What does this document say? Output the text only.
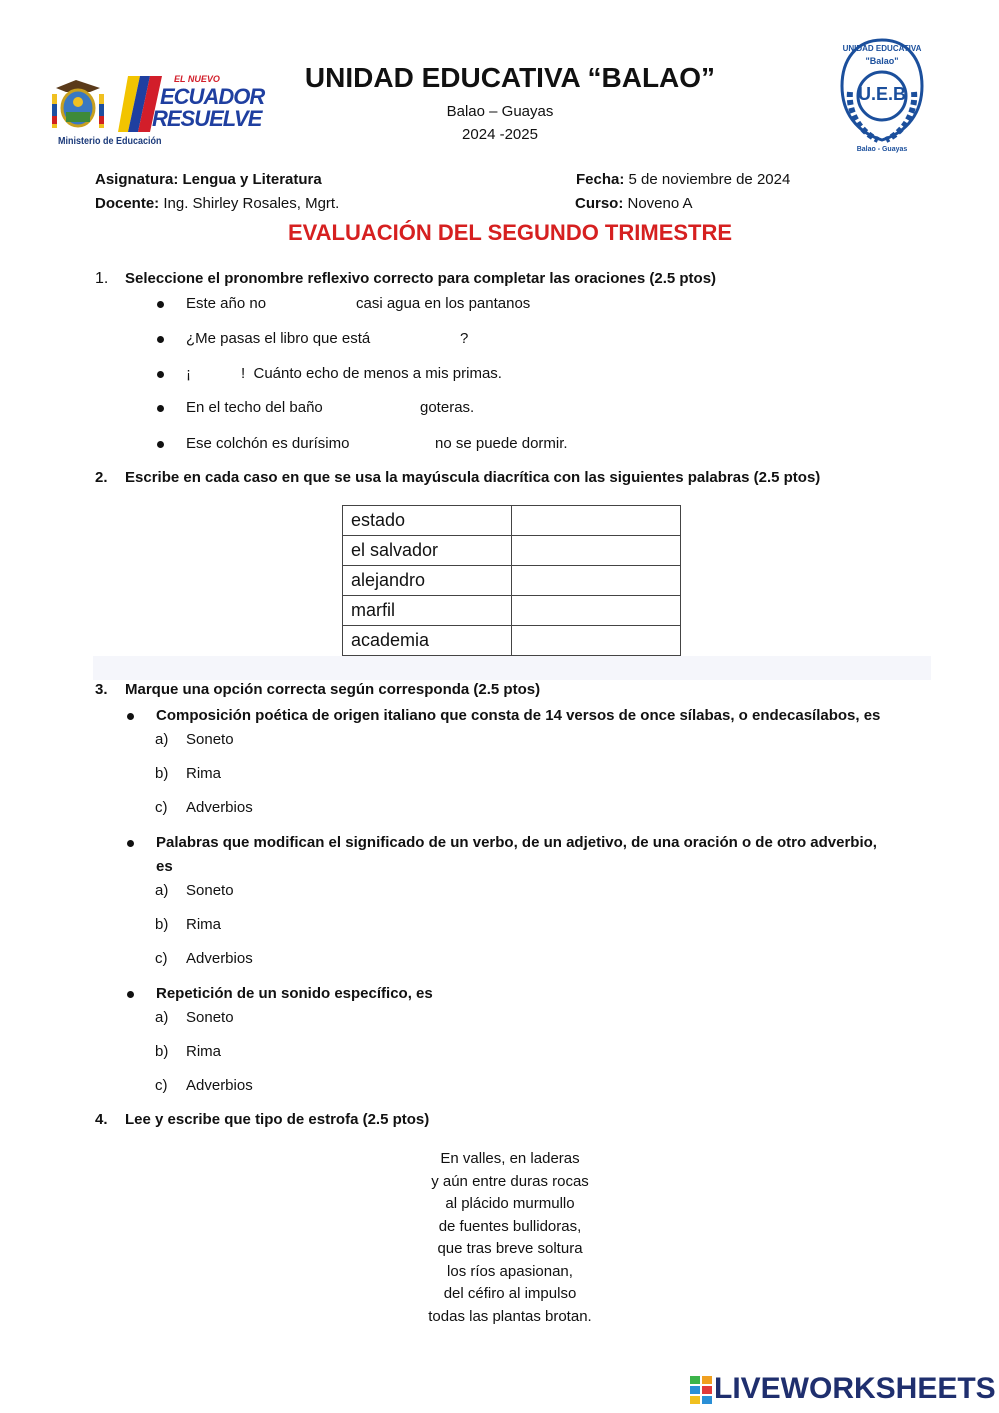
Ministerio de Educación
EL NUEVO
ECUADOR
RESUELVE
UNIDAD EDUCATIVA
"Balao"
U.E.B
Balao - Guayas
UNIDAD EDUCATIVA “BALAO”
Balao – Guayas
2024 -2025
Asignatura: Lengua y Literatura	Fecha: 5 de noviembre de 2024
Docente: Ing. Shirley Rosales, Mgrt.	Curso: Noveno A
EVALUACIÓN DEL SEGUNDO TRIMESTRE
1. Seleccione el pronombre reflexivo correcto para completar las oraciones (2.5 ptos)
Este año no	casi agua en los pantanos
¿Me pasas el libro que está	?
¡	!  Cuánto echo de menos a mis primas.
En el techo del baño	goteras.
Ese colchón es durísimo	no se puede dormir.
2. Escribe en cada caso en que se usa la mayúscula diacrítica con las siguientes palabras (2.5 ptos)
estado	
el salvador	
alejandro	
marfil	
academia	
3. Marque una opción correcta según corresponda (2.5 ptos)
Composición poética de origen italiano que consta de 14 versos de once sílabas, o endecasílabos, es
a) Soneto
b) Rima
c) Adverbios
Palabras que modifican el significado de un verbo, de un adjetivo, de una oración o de otro adverbio,
es
a) Soneto
b) Rima
c) Adverbios
Repetición de un sonido específico, es
a) Soneto
b) Rima
c) Adverbios
4. Lee y escribe que tipo de estrofa (2.5 ptos)
En valles, en laderas
y aún entre duras rocas
al plácido murmullo
de fuentes bullidoras,
que tras breve soltura
los ríos apasionan,
del céfiro al impulso
todas las plantas brotan.
LIVEWORKSHEETS
